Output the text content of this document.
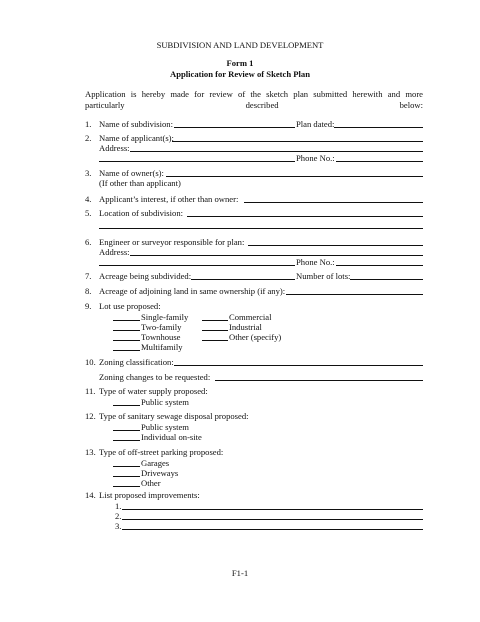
SUBDIVISION AND LAND DEVELOPMENT
Form 1
Application for Review of Sketch Plan
Application is hereby made for review of the sketch plan submitted herewith and more particularly described below:
1. Name of subdivision:	Plan dated:
2. Name of applicant(s):
Address:
Phone No.:
3. Name of owner(s):
(If other than applicant)
4. Applicant’s interest, if other than owner:
5. Location of subdivision:
6. Engineer or surveyor responsible for plan:
Address:
Phone No.:
7. Acreage being subdivided:	Number of lots:
8. Acreage of adjoining land in same ownership (if any):
9. Lot use proposed:
Single-family
Two-family
Townhouse
Multifamily
Commercial
Industrial
Other (specify)
10. Zoning classification:
Zoning changes to be requested:
11. Type of water supply proposed:
Public system
12. Type of sanitary sewage disposal proposed:
Public system
Individual on-site
13. Type of off-street parking proposed:
Garages
Driveways
Other
14. List proposed improvements:
1.
2.
3.
F1-1
